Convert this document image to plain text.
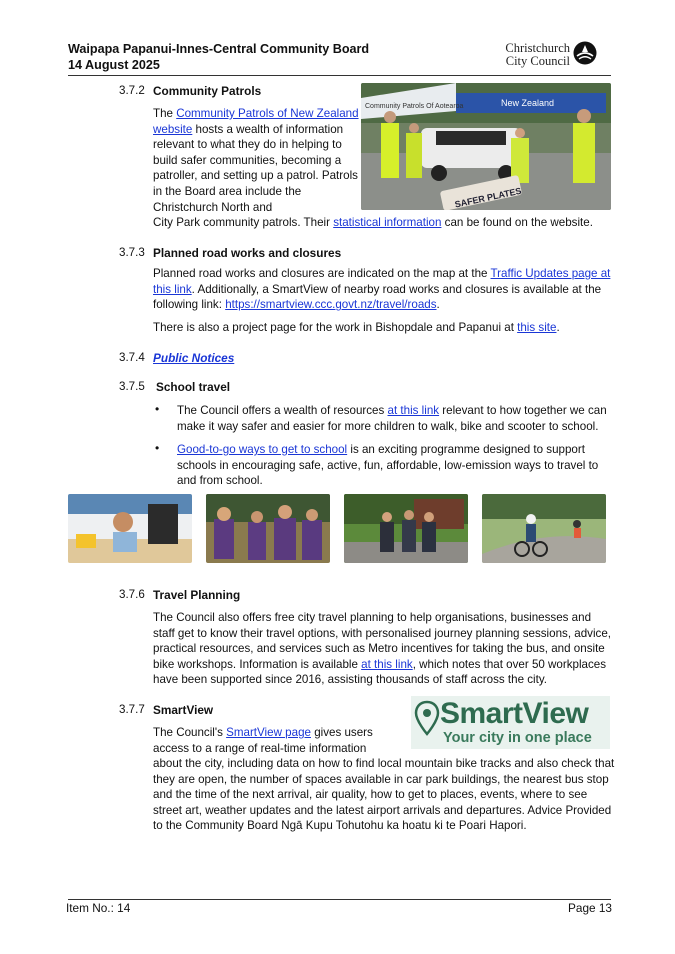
Waipapa Papanui-Innes-Central Community Board
14 August 2025
Christchurch
City Council
3.7.2 Community Patrols
Community Patrols Of Aotearoa	New Zealand
SAFER PLATES
The Community Patrols of New Zealand website hosts a wealth of information relevant to what they do in helping to build safer communities, becoming a patroller, and setting up a patrol. Patrols in the Board area include the Christchurch North and
City Park community patrols. Their statistical information can be found on the website.
3.7.3 Planned road works and closures
Planned road works and closures are indicated on the map at the Traffic Updates page at this link. Additionally, a SmartView of nearby road works and closures is available at the following link: https://smartview.ccc.govt.nz/travel/roads.
There is also a project page for the work in Bishopdale and Papanui at this site.
3.7.4 Public Notices
3.7.5 School travel
• The Council offers a wealth of resources at this link relevant to how together we can make it way safer and easier for more children to walk, bike and scooter to school.
• Good-to-go ways to get to school is an exciting programme designed to support schools in encouraging safe, active, fun, affordable, low-emission ways to travel to and from school.
3.7.6 Travel Planning
The Council also offers free city travel planning to help organisations, businesses and staff get to know their travel options, with personalised journey planning sessions, advice, practical resources, and services such as Metro incentives for taking the bus, and onsite bike workshops. Information is available at this link, which notes that over 50 workplaces have been supported since 2016, assisting thousands of staff across the city.
3.7.7 SmartView	SmartView
Your city in one place
The Council's SmartView page gives users access to a range of real-time information
about the city, including data on how to find local mountain bike tracks and also check that they are open, the number of spaces available in car park buildings, the nearest bus stop and the time of the next arrival, air quality, how to get to places, events, where to see street art, weather updates and the latest airport arrivals and departures. Advice Provided to the Community Board Ngā Kupu Tohutohu ka hoatu ki te Poari Hapori.
Item No.: 14	Page 13
